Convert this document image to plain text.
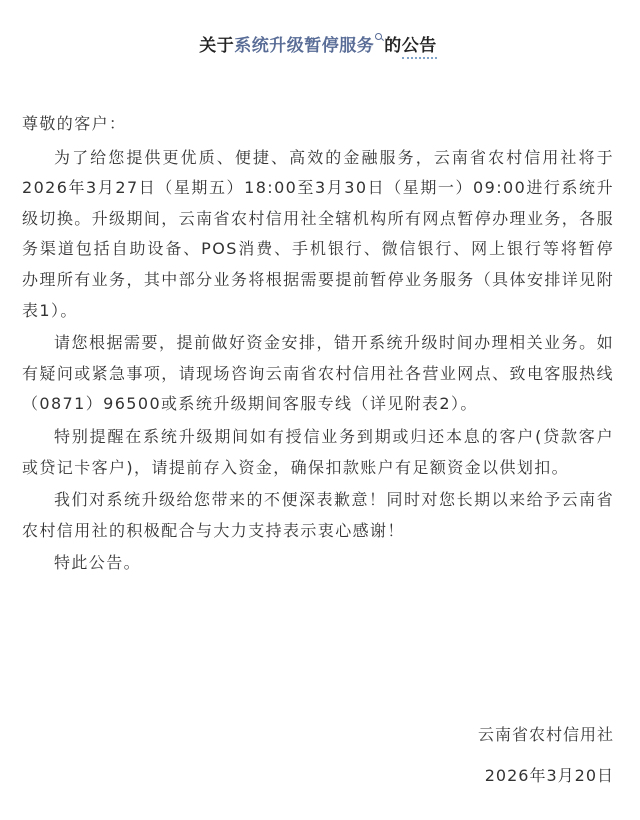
关于系统升级暂停服务 的公告

尊敬的客户：

为了给您提供更优质、便捷、高效的金融服务，云南省农村信用社将于2026年3月27日（星期五）18:00至3月30日（星期一）09:00进行系统升级切换。升级期间，云南省农村信用社全辖机构所有网点暂停办理业务，各服务渠道包括自助设备、POS消费、手机银行、微信银行、网上银行等将暂停办理所有业务，其中部分业务将根据需要提前暂停业务服务（具体安排详见附表1）。

请您根据需要，提前做好资金安排，错开系统升级时间办理相关业务。如有疑问或紧急事项，请现场咨询云南省农村信用社各营业网点、致电客服热线（0871）96500或系统升级期间客服专线（详见附表2）。

特别提醒在系统升级期间如有授信业务到期或归还本息的客户(贷款客户或贷记卡客户)，请提前存入资金，确保扣款账户有足额资金以供划扣。

我们对系统升级给您带来的不便深表歉意！同时对您长期以来给予云南省农村信用社的积极配合与大力支持表示衷心感谢！

特此公告。

云南省农村信用社
2026年3月20日
